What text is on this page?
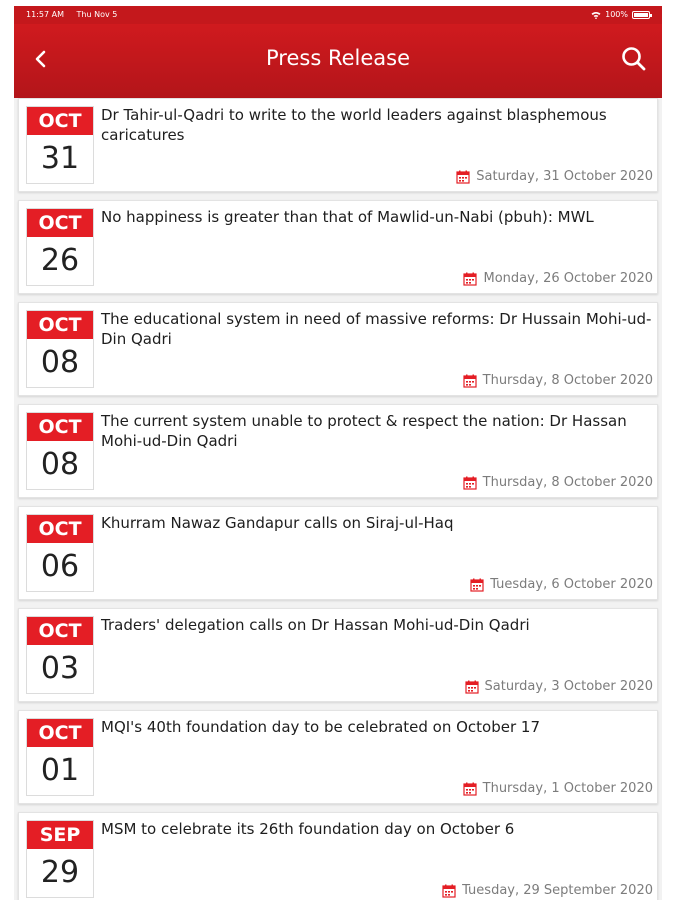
11:57 AM Thu Nov 5	100%
Press Release
OCT
31
Dr Tahir-ul-Qadri to write to the world leaders against blasphemous caricatures
Saturday, 31 October 2020
OCT
26
No happiness is greater than that of Mawlid-un-Nabi (pbuh): MWL
Monday, 26 October 2020
OCT
08
The educational system in need of massive reforms: Dr Hussain Mohi-ud-Din Qadri
Thursday, 8 October 2020
OCT
08
The current system unable to protect & respect the nation: Dr Hassan Mohi-ud-Din Qadri
Thursday, 8 October 2020
OCT
06
Khurram Nawaz Gandapur calls on Siraj-ul-Haq
Tuesday, 6 October 2020
OCT
03
Traders' delegation calls on Dr Hassan Mohi-ud-Din Qadri
Saturday, 3 October 2020
OCT
01
MQI's 40th foundation day to be celebrated on October 17
Thursday, 1 October 2020
SEP
29
MSM to celebrate its 26th foundation day on October 6
Tuesday, 29 September 2020
